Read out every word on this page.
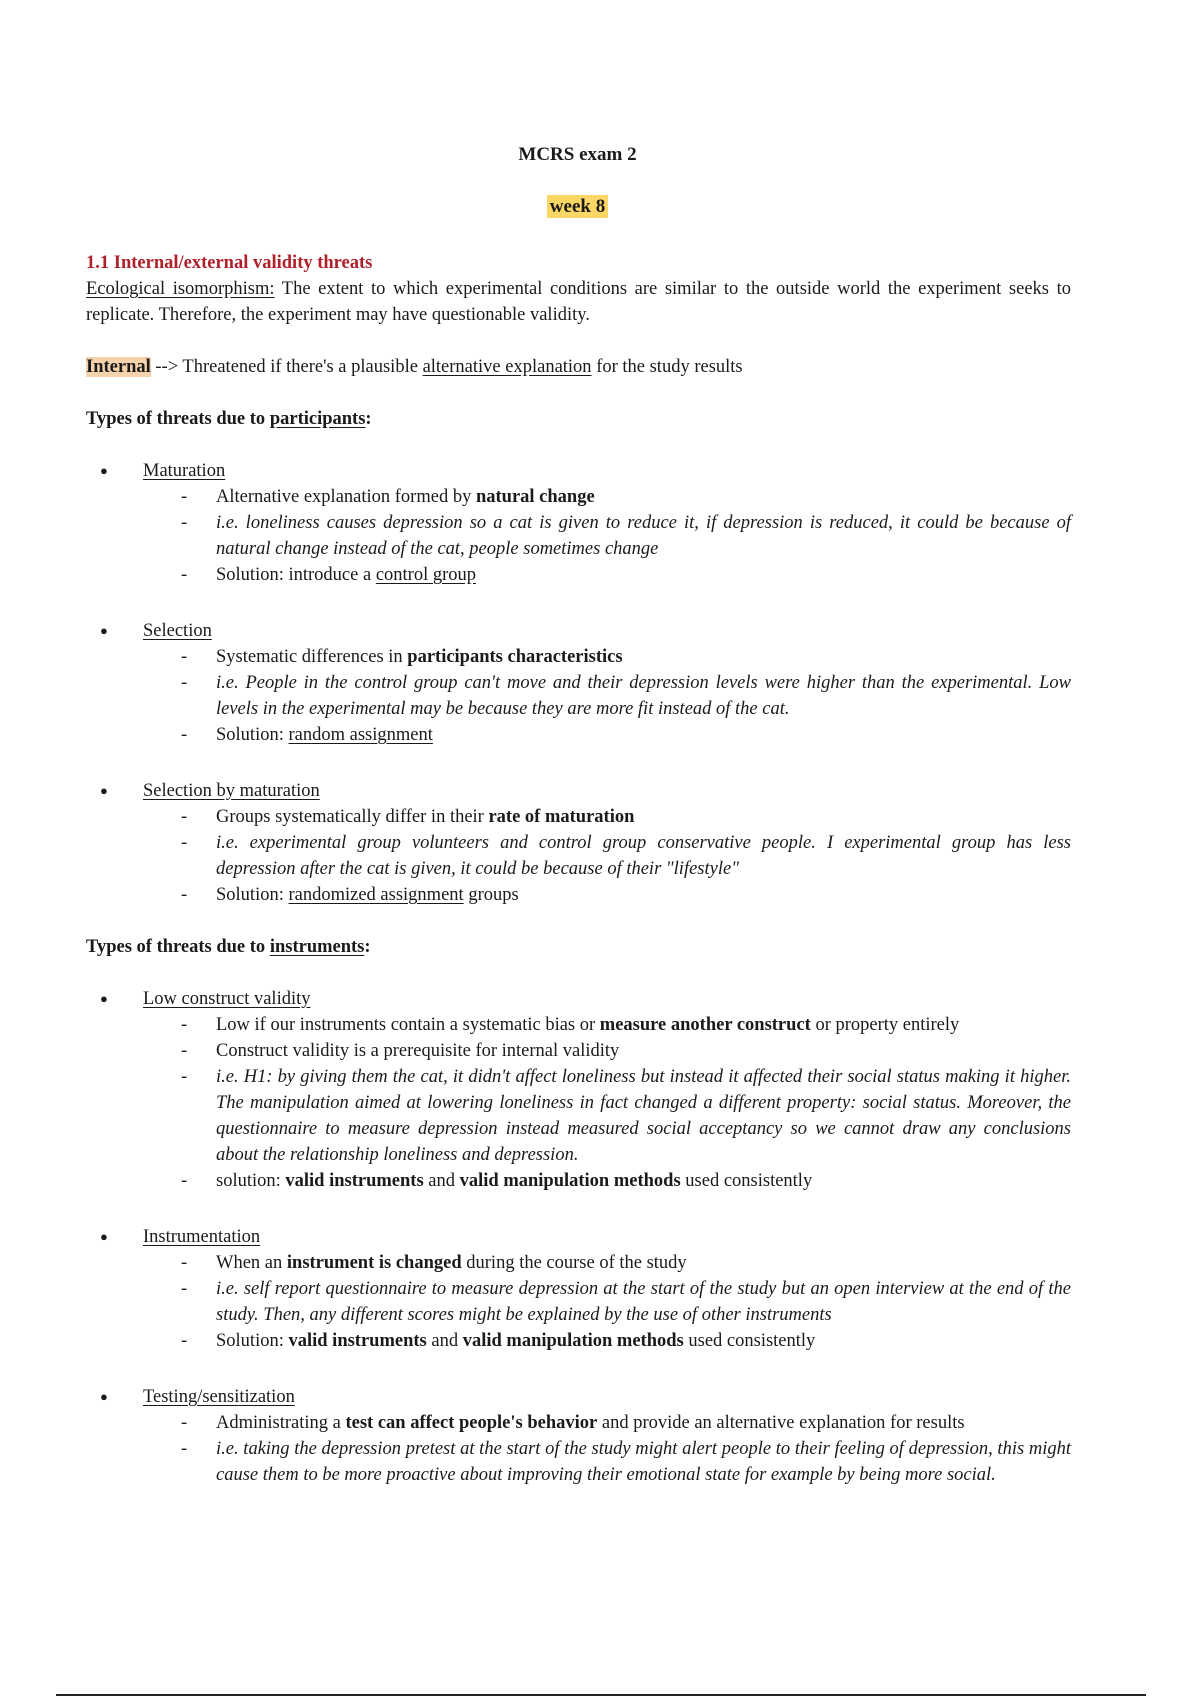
MCRS exam 2
week 8

1.1 Internal/external validity threats

Ecological isomorphism: The extent to which experimental conditions are similar to the outside world the experiment seeks to replicate. Therefore, the experiment may have questionable validity.

Internal --> Threatened if there's a plausible alternative explanation for the study results

Types of threats due to participants:

● Maturation
- Alternative explanation formed by natural change
- i.e. loneliness causes depression so a cat is given to reduce it, if depression is reduced, it could be because of natural change instead of the cat, people sometimes change
- Solution: introduce a control group
● Selection
- Systematic differences in participants characteristics
- i.e. People in the control group can't move and their depression levels were higher than the experimental. Low levels in the experimental may be because they are more fit instead of the cat.
- Solution: random assignment
● Selection by maturation
- Groups systematically differ in their rate of maturation
- i.e. experimental group volunteers and control group conservative people. I experimental group has less depression after the cat is given, it could be because of their "lifestyle"
- Solution: randomized assignment groups

Types of threats due to instruments:

● Low construct validity
- Low if our instruments contain a systematic bias or measure another construct or property entirely
- Construct validity is a prerequisite for internal validity
- i.e. H1: by giving them the cat, it didn't affect loneliness but instead it affected their social status making it higher. The manipulation aimed at lowering loneliness in fact changed a different property: social status. Moreover, the questionnaire to measure depression instead measured social acceptancy so we cannot draw any conclusions about the relationship loneliness and depression.
- solution: valid instruments and valid manipulation methods used consistently
● Instrumentation
- When an instrument is changed during the course of the study
- i.e. self report questionnaire to measure depression at the start of the study but an open interview at the end of the study. Then, any different scores might be explained by the use of other instruments
- Solution: valid instruments and valid manipulation methods used consistently
● Testing/sensitization
- Administrating a test can affect people's behavior and provide an alternative explanation for results
- i.e. taking the depression pretest at the start of the study might alert people to their feeling of depression, this might cause them to be more proactive about improving their emotional state for example by being more social.
